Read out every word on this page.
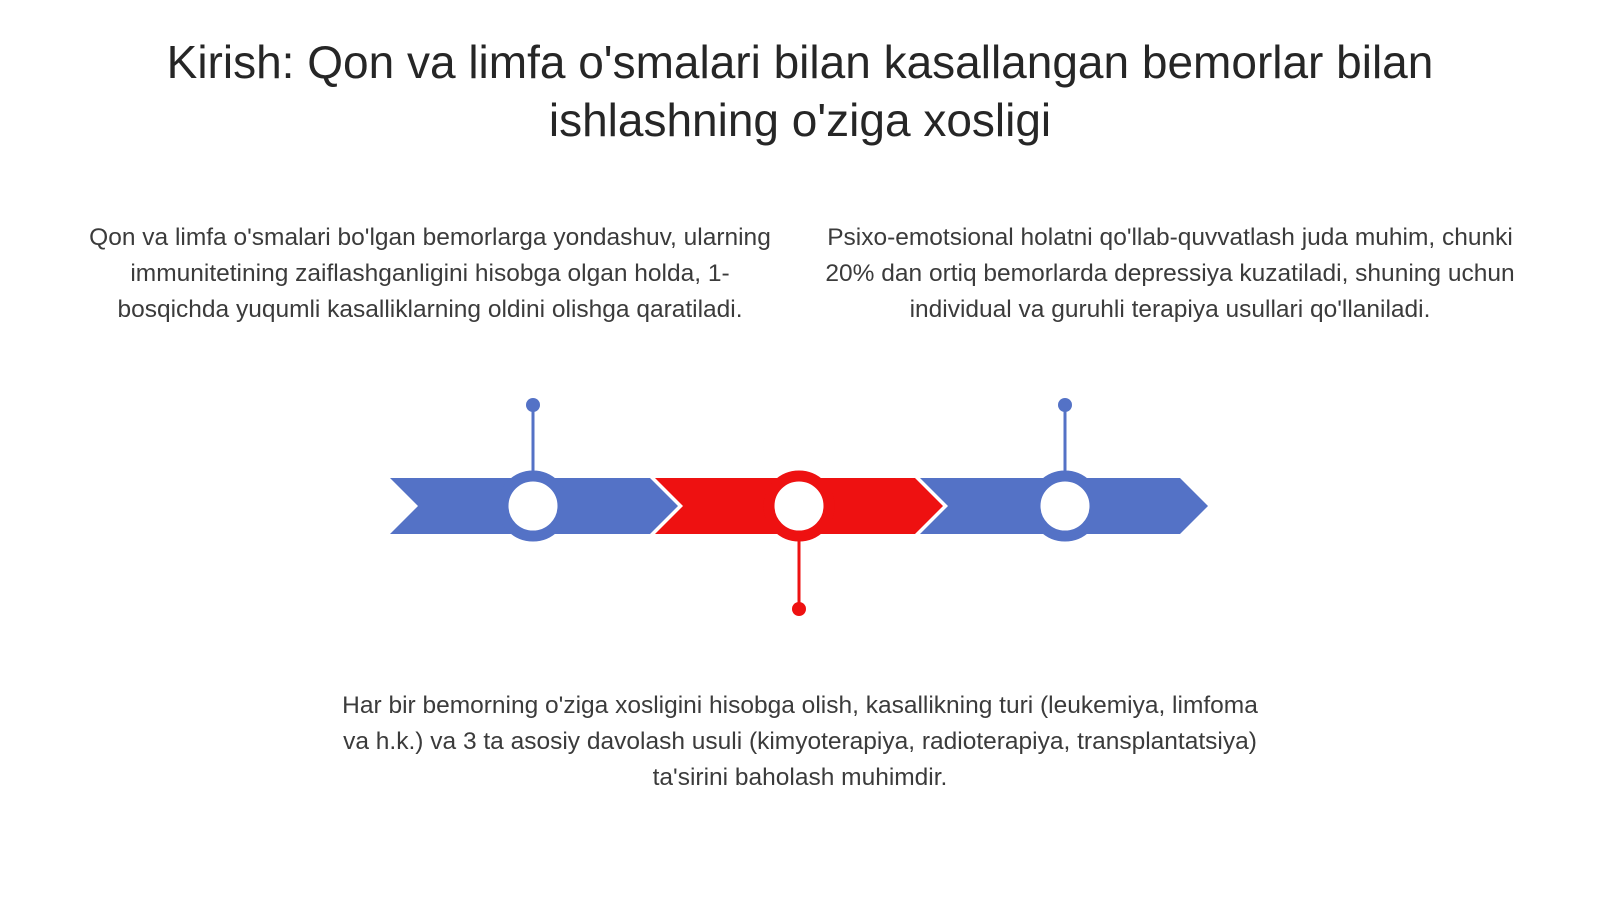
Kirish: Qon va limfa o'smalari bilan kasallangan bemorlar bilan ishlashning o'ziga xosligi

Qon va limfa o'smalari bo'lgan bemorlarga yondashuv, ularning immunitetining zaiflashganligini hisobga olgan holda, 1-bosqichda yuqumli kasalliklarning oldini olishga qaratiladi.

Psixo-emotsional holatni qo'llab-quvvatlash juda muhim, chunki 20% dan ortiq bemorlarda depressiya kuzatiladi, shuning uchun individual va guruhli terapiya usullari qo'llaniladi.

Har bir bemorning o'ziga xosligini hisobga olish, kasallikning turi (leukemiya, limfoma va h.k.) va 3 ta asosiy davolash usuli (kimyoterapiya, radioterapiya, transplantatsiya) ta'sirini baholash muhimdir.
